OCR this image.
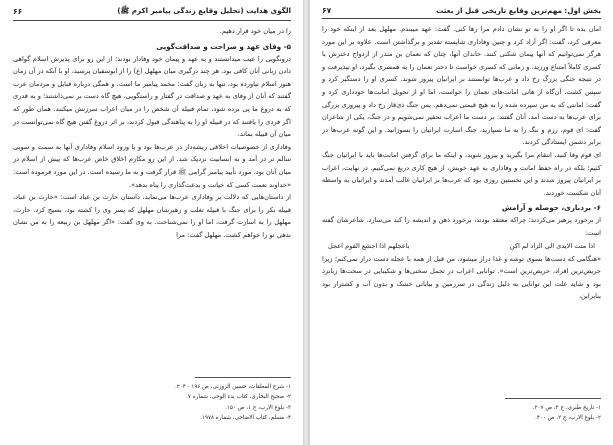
الگوی هدایت (تحلیل وقایع زندگی پیامبر اکرم ﷺ)
۶۶

را در میان خود قرار دهیم.

۵- وفای عهد و صراحت و صداقت‌گویی

درونگویی را عیب میدانستند و به عهد و پیمان خود وفادار بودند؛ از این رو برای پذیرش اسلام گواهی دادن زبانی آنان کافی بود. هر چند درگیری میان مهلهل (ع) را از ابوسفیان پرسید، او با آنکه در آن زمان هنوز اسلام نیاورده بود، تنها به زبان گفت: محمد پیامبر ما است. و همگی درباره قبایل و مردمان عرب گفتند که آنان از وفای به عهد و صداقت در گفتار و راستگویی، هیچ گاه دست بر نمی‌داشتند؛ و به قدری که به دروغ ما پی برده شود، تمام قبیله آن شخص را در میان اعراب سرزنش میکنند. همان طور که اگر فردی را یافتند که در قبیله او را به پناهندگی قبول کردند، بر اثر دروغ گفتن هیچ گاه نمی‌توانست در میان آن قبیله بماند.

وفاداری از خصوصیات اخلاقی ریشه‌دار در عرب‌ها بود و با ورود اسلام وفاداری آنها به سمت و سویی سالم تر در آمد و به انسانیت نزدیک شد. از این رو مکارم اخلاق خاص عرب‌ها که پیش از اسلام در میان آنان بود، مورد تأیید پیامبر گرامی ﷺ قرار گرفت و به ما رسیده است. در این مورد فرموده است: «خداوند نعمت کسی که خیانت و بدعت‌گذاری را پناه بدهد».

از داستان‌هایی که دلالت بر وفاداری عرب‌ها می‌نماید، داستان حارث بن عباد است: «حارث بن عباد، قبیله بکر را برای جنگ با قبیله تغلب و رهبرشان مهلهل که پسر وی را کشته بود، بسیج کرد. حارث، مهلهل را به اسارت گرفت، اما او را نمی‌شناخت. به وی گفت: «اگر مهلهل بن ربیعه را به من نشان ندهی تو را خواهم کشت. مهلهل گفت: مرا

۱- شرح المعلقات، حسین الزوزنی، ص ۱۹۶ - ۲۰۴.
۲- صحیح البخاری، کتاب بدء الوحی، شماره ۷.
۳- بلوغ الارب، ج ۱، ص ۱۵۰.
۴- مسلم، کتاب الاضاحی، شماره ۱۹۷۸.
بخش اول: مهم‌ترین وقایع تاریخی قبل از بعثت
۶۷

امان بده تا اگر او را به تو نشان دادم مرا رها کنی. گفت: عهد میبندم. مهلهل بعد از اینکه خود را معرفی کرد، گفت: اگر آزاد کرد و چنین وفاداری شایسته تقدیر و برگذاشتن است. علاوه بر این مورد هرگز نمی‌توانیم که آنها پیمان شکنی کنند. خاندان آنها، چنان که نعمان بن منذر از ازدواج دخترش با کسری کاملاً امتناع ورزید، و زمانی که کسری خواست تا دختر نعمان را به همسری بگیرد، او نپذیرفت و در نتیجه جنگی بزرگ رخ داد و عرب‌ها توانستند بر ایرانیان پیروز شوند. کسری او را دستگیر کرد و سپس کشت. آن‌گاه از هانی امانت‌های نعمان را خواست، اما او از تحویل امانت‌ها خودداری کرد و گفت: امانتی که به من سپرده شده را به هیچ قیمتی نمی‌دهم. پس جنگ ذی‌قار رخ داد و پیروزی بزرگی برای عرب‌ها به دست آمد. آنان گفتند: بر دست ما اعراب تحقیر نمی‌شویم و در جنگ، یکی از شاعران گفت: ای قوم، رزم و ننگ را به ما نسپارید، جنگ اسارت ایرانیان را بسوزانید. و این گونه عرب‌ها در برابر دشمن ایستادگی کردند.

ای قوم وفا کنید، انتقام مرا بگیرید و پیروز شوید، و اینکه ما برای گرفتن امانت‌ها باید با ایرانیان جنگ کنیم؛ بلکه در راه حفظ امانت و وفاداری به عهد خویش، از هیچ کاری دریغ نمی‌کنیم. در نهایت، اعراب بر ایرانیان پیروز شدند و این نخستین روزی بود که عرب‌ها بر ایرانیان غالب آمدند و ایرانیان به واسطه آنان شکست خوردند.

۶- بردباری، حوصله و آرامش

از برخورد پرهیز می‌کردند؛ چراکه معتقد بودند، برخورد ذهن و اندیشه را کند می‌سازد. شاعرشان گفته است:

اذا متت الایدی الی الزاد لم اکن
باعجلهم اذا اجشع القوم اعجل

«هنگامی که دست‌ها بسوی توشه و غذا دراز میشود، من قبل از همه با عجله دست دراز نمی‌کنم؛ زیرا حریص‌ترین افراد، حریص‌ترین است». توانایی اعراب در تحمل سختی‌ها و شکیبایی در سخت‌ها زبانزد بود و شاید علت این توانایی به دلیل زندگی در سرزمین و بیابانی خشک و بدون آب و کشتزار بود بنابراین،

۱- تاریخ طبری، ج ۲، ص ۲۰۷.
۲- بلوغ الارب، ج ۲، ص ۴۰۰.
